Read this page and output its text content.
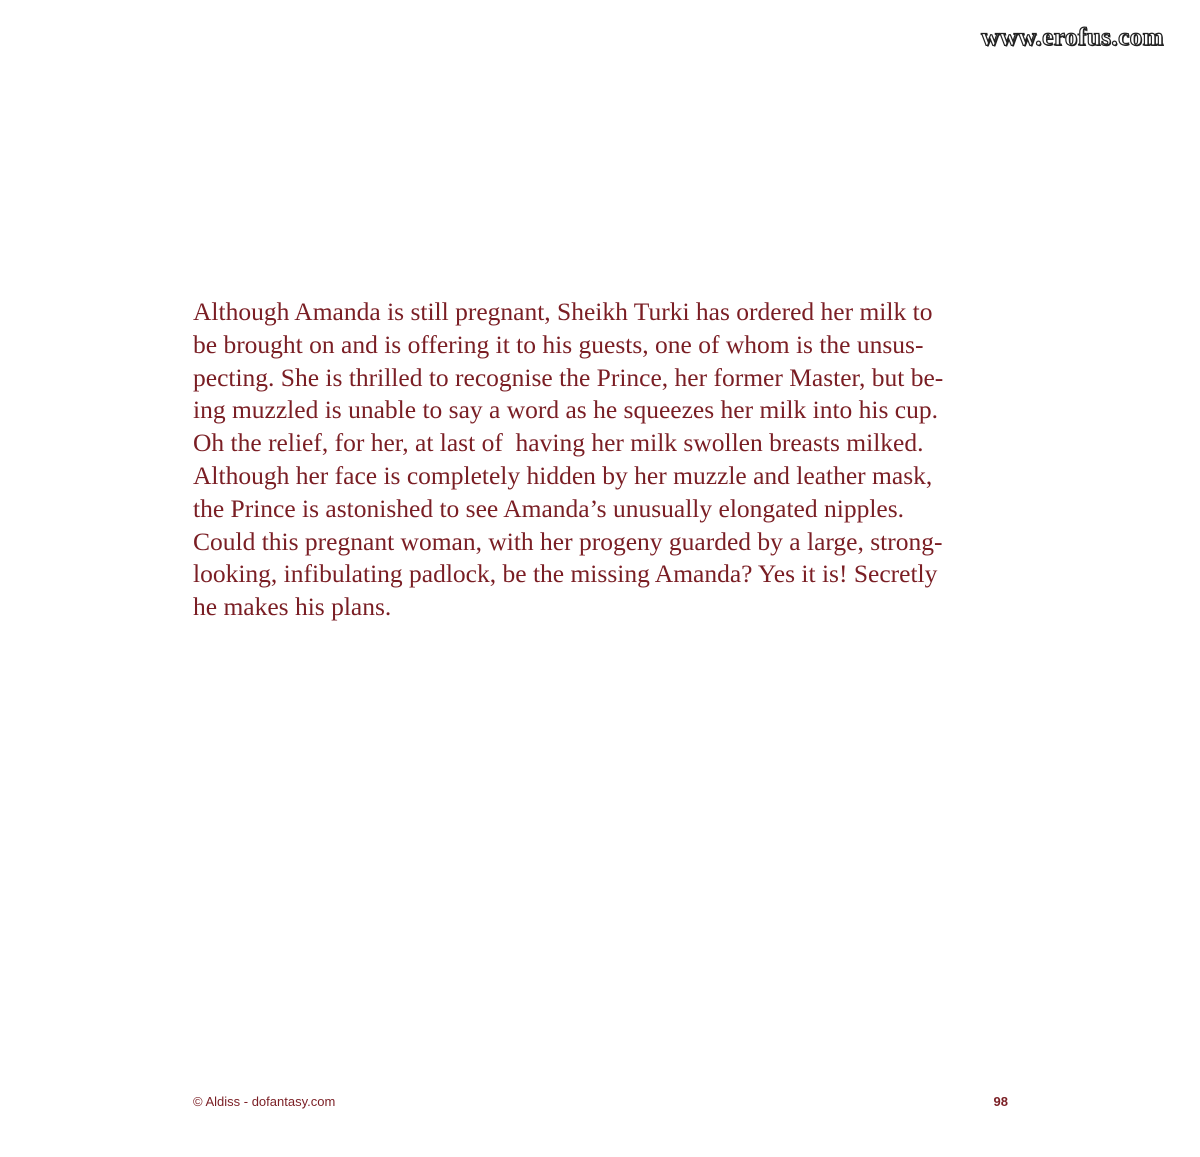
www.erofus.com

Although Amanda is still pregnant, Sheikh Turki has ordered her milk to
be brought on and is offering it to his guests, one of whom is the unsus-
pecting. She is thrilled to recognise the Prince, her former Master, but be-
ing muzzled is unable to say a word as he squeezes her milk into his cup.
Oh the relief, for her, at last of  having her milk swollen breasts milked.
Although her face is completely hidden by her muzzle and leather mask,
the Prince is astonished to see Amanda’s unusually elongated nipples.
Could this pregnant woman, with her progeny guarded by a large, strong-
looking, infibulating padlock, be the missing Amanda? Yes it is! Secretly
he makes his plans.

© Aldiss - dofantasy.com	98
